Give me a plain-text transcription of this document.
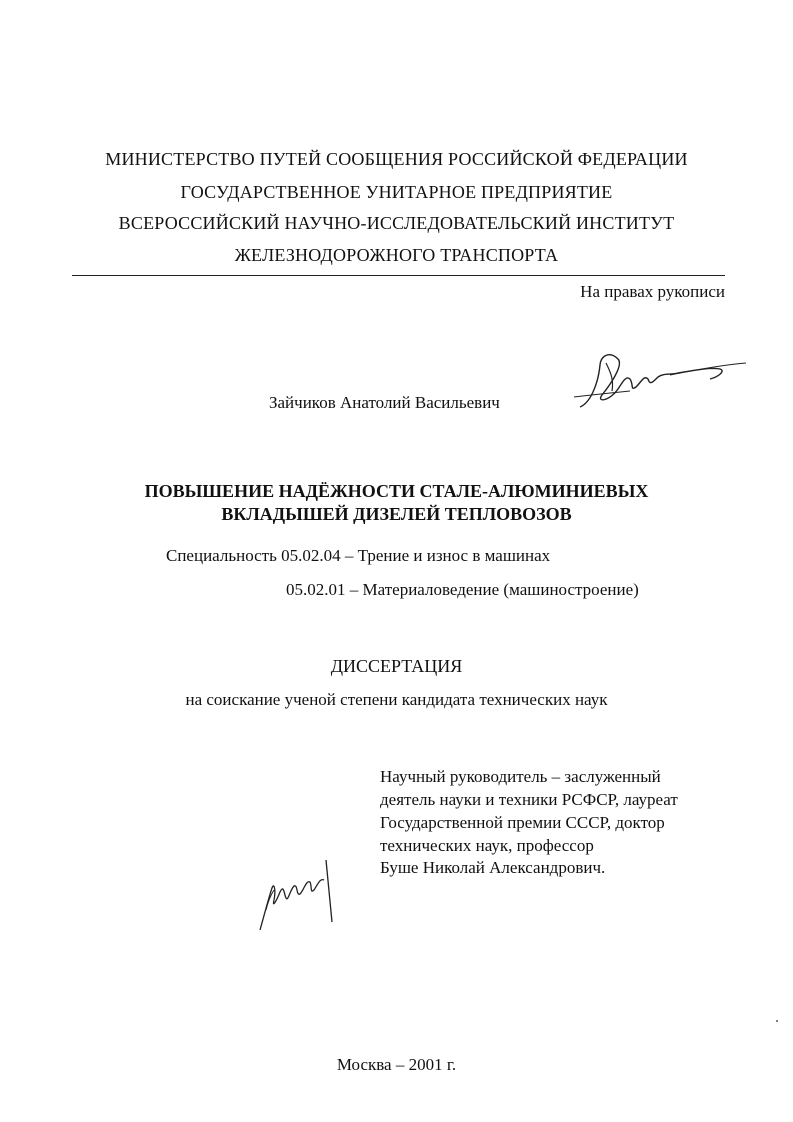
МИНИСТЕРСТВО ПУТЕЙ СООБЩЕНИЯ РОССИЙСКОЙ ФЕДЕРАЦИИ
ГОСУДАРСТВЕННОЕ УНИТАРНОЕ ПРЕДПРИЯТИЕ
ВСЕРОССИЙСКИЙ НАУЧНО-ИССЛЕДОВАТЕЛЬСКИЙ ИНСТИТУТ
ЖЕЛЕЗНОДОРОЖНОГО ТРАНСПОРТА
На правах рукописи
Зайчиков Анатолий Васильевич
ПОВЫШЕНИЕ НАДЁЖНОСТИ СТАЛЕ-АЛЮМИНИЕВЫХ
ВКЛАДЫШЕЙ ДИЗЕЛЕЙ ТЕПЛОВОЗОВ
Специальность 05.02.04 – Трение и износ в машинах
05.02.01 – Материаловедение (машиностроение)
ДИССЕРТАЦИЯ
на соискание ученой степени кандидата технических наук
Научный руководитель – заслуженный
деятель науки и техники РСФСР, лауреат
Государственной премии СССР, доктор
технических наук, профессор
Буше Николай Александрович.
Москва – 2001 г.
